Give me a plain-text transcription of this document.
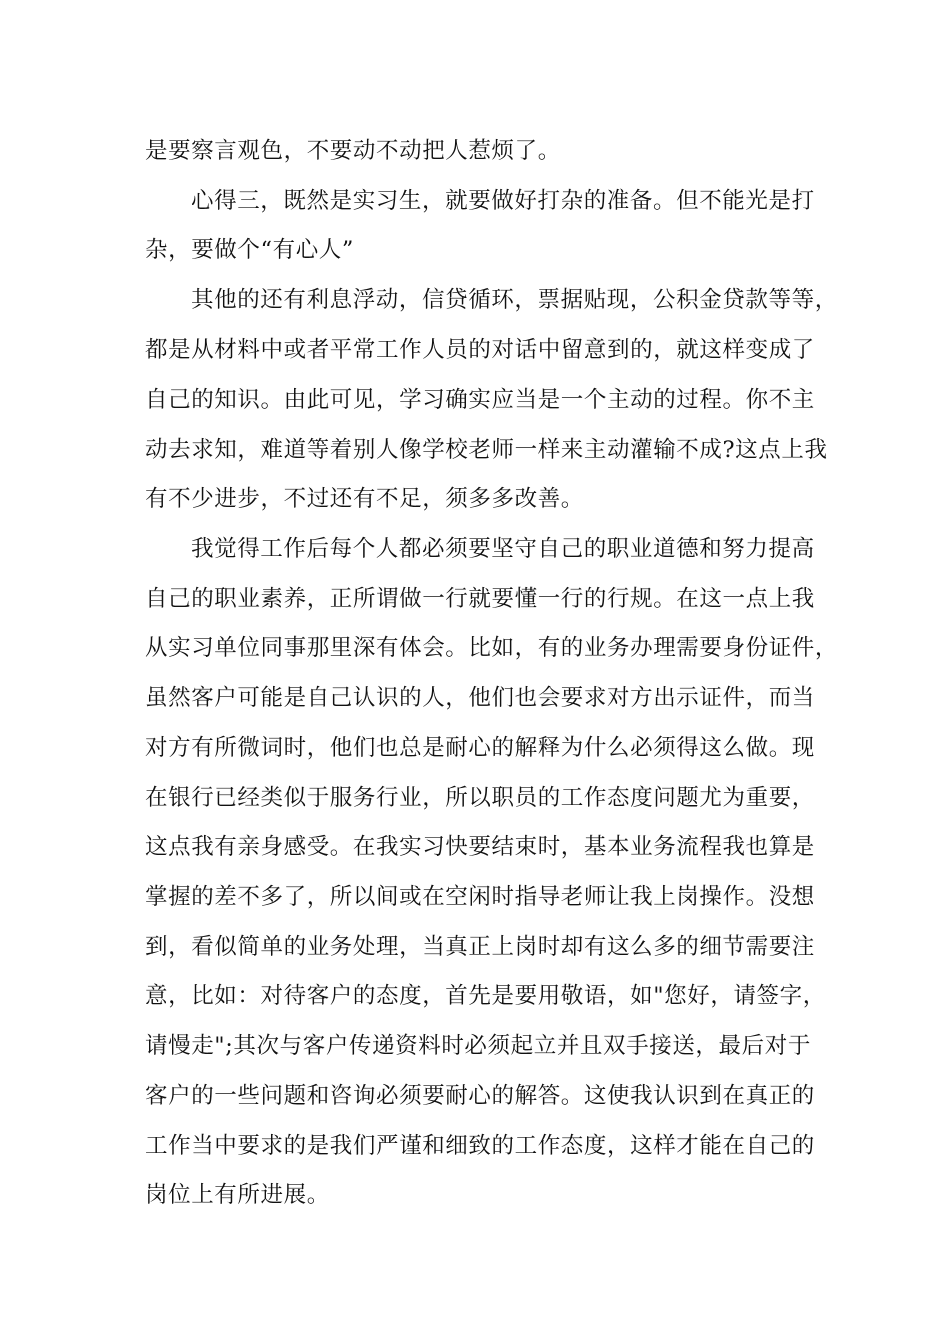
是要察言观色，不要动不动把人惹烦了。

心得三，既然是实习生，就要做好打杂的准备。但不能光是打

杂，要做个“有心人”

其他的还有利息浮动，信贷循环，票据贴现，公积金贷款等等，

都是从材料中或者平常工作人员的对话中留意到的，就这样变成了

自己的知识。由此可见，学习确实应当是一个主动的过程。你不主

动去求知，难道等着别人像学校老师一样来主动灌输不成?这点上我

有不少进步，不过还有不足，须多多改善。

我觉得工作后每个人都必须要坚守自己的职业道德和努力提高

自己的职业素养，正所谓做一行就要懂一行的行规。在这一点上我

从实习单位同事那里深有体会。比如，有的业务办理需要身份证件，

虽然客户可能是自己认识的人，他们也会要求对方出示证件，而当

对方有所微词时，他们也总是耐心的解释为什么必须得这么做。现

在银行已经类似于服务行业，所以职员的工作态度问题尤为重要，

这点我有亲身感受。在我实习快要结束时，基本业务流程我也算是

掌握的差不多了，所以间或在空闲时指导老师让我上岗操作。没想

到，看似简单的业务处理，当真正上岗时却有这么多的细节需要注

意，比如：对待客户的态度，首先是要用敬语，如"您好，请签字，

请慢走";其次与客户传递资料时必须起立并且双手接送，最后对于

客户的一些问题和咨询必须要耐心的解答。这使我认识到在真正的

工作当中要求的是我们严谨和细致的工作态度，这样才能在自己的

岗位上有所进展。
